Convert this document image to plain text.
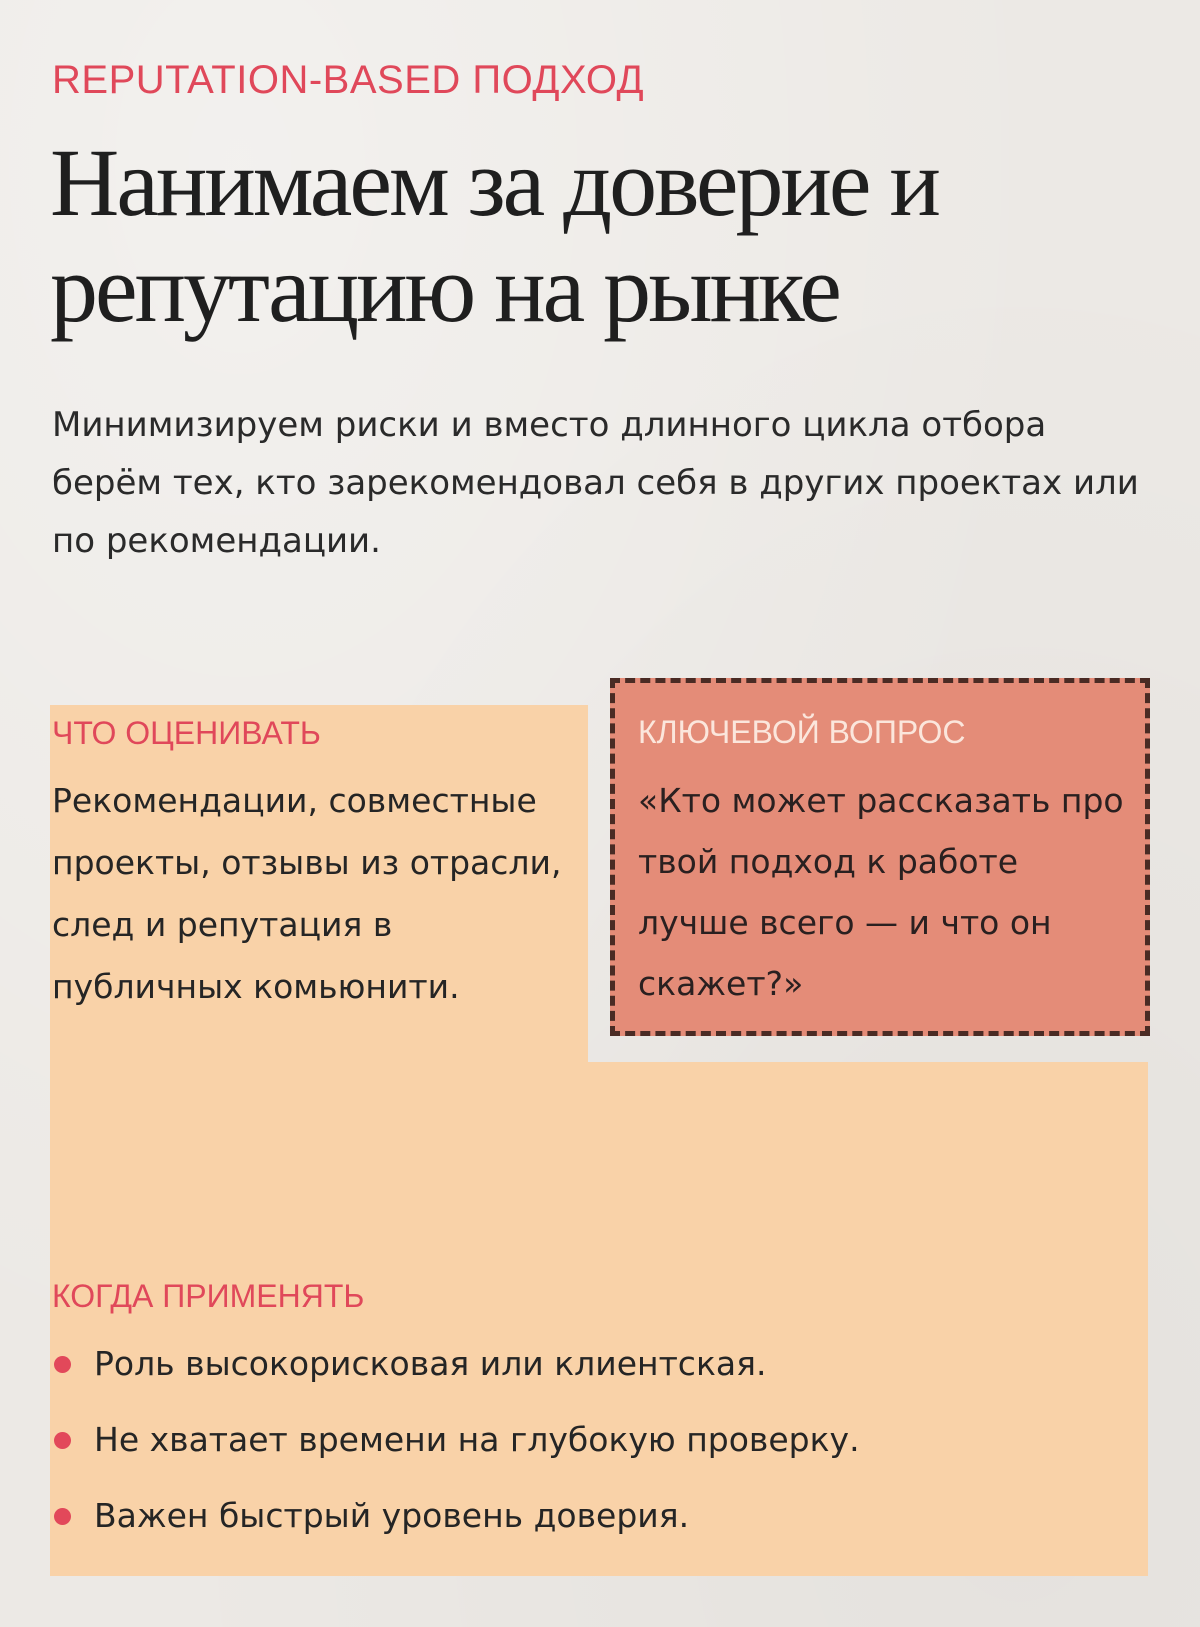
REPUTATION-BASED ПОДХОД
Нанимаем за доверие и репутацию на рынке

Минимизируем риски и вместо длинного цикла отбора берём тех, кто зарекомендовал себя в других проектах или по рекомендации.

ЧТО ОЦЕНИВАТЬ

Рекомендации, совместные проекты, отзывы из отрасли, след и репутация в публичных комьюнити.

КЛЮЧЕВОЙ ВОПРОС

«Кто может рассказать про твой подход к работе лучше всего — и что он скажет?»

КОГДА ПРИМЕНЯТЬ
Роль высокорисковая или клиентская.
Не хватает времени на глубокую проверку.
Важен быстрый уровень доверия.
